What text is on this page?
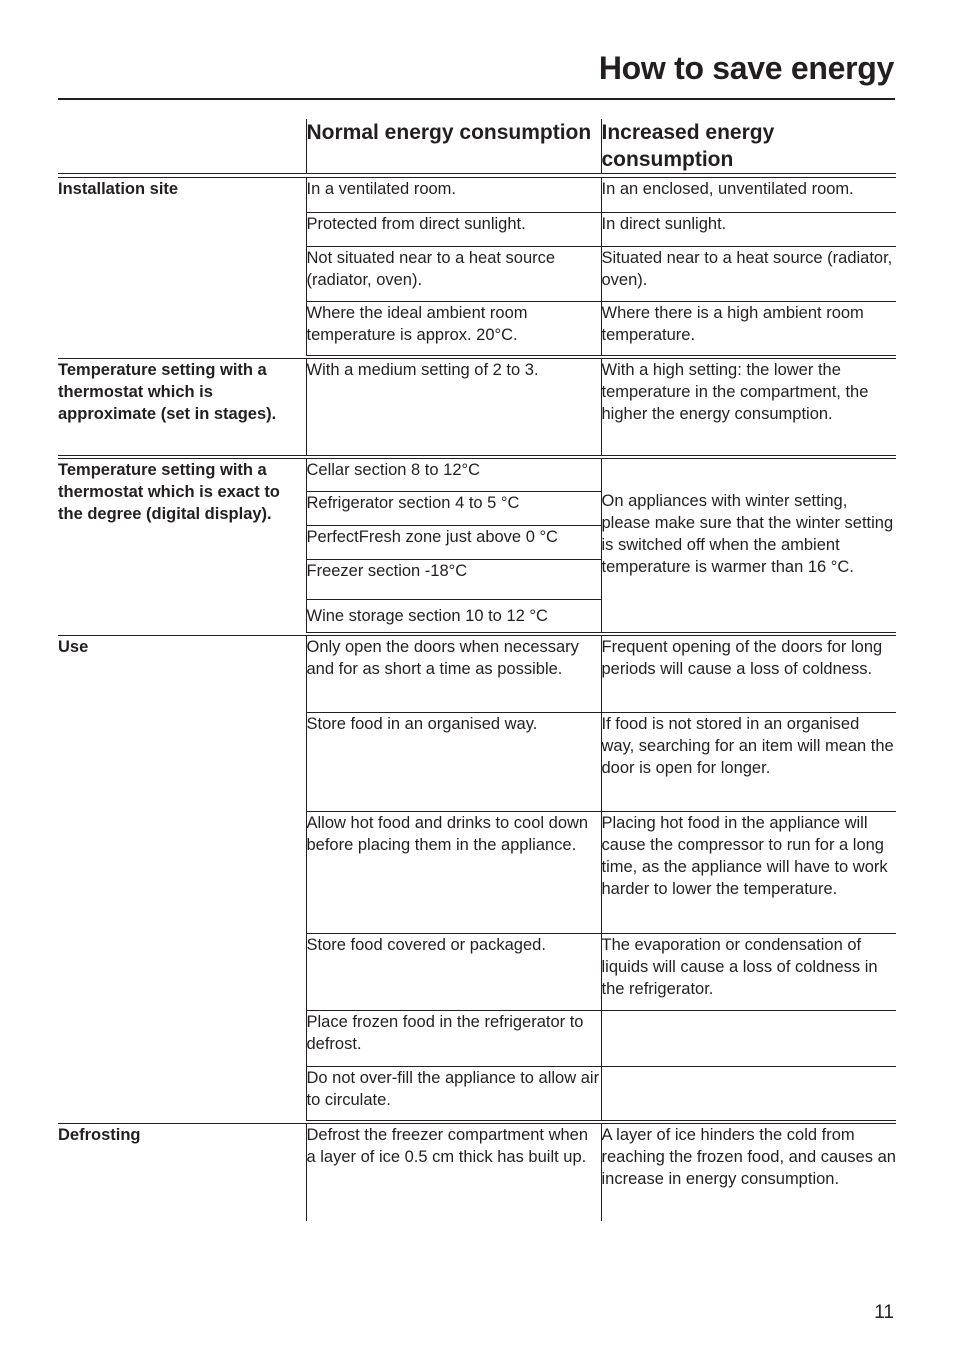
How to save energy
	Normal energy consumption	Increased energy consumption

Installation site	In a ventilated room.	In an enclosed, unventilated room.
	Protected from direct sunlight.	In direct sunlight.
	Not situated near to a heat source (radiator, oven).	Situated near to a heat source (radiator, oven).
	Where the ideal ambient room temperature is approx. 20°C.	Where there is a high ambient room temperature.

Temperature setting with a thermostat which is approximate (set in stages).	With a medium setting of 2 to 3.	With a high setting: the lower the temperature in the compartment, the higher the energy consumption.

Temperature setting with a thermostat which is exact to the degree (digital display).	Cellar section 8 to 12°C	On appliances with winter setting, please make sure that the winter setting is switched off when the ambient temperature is warmer than 16 °C.
	Refrigerator section 4 to 5 °C	
	PerfectFresh zone just above 0 °C	
	Freezer section -18°C	
	Wine storage section 10 to 12 °C	

Use	Only open the doors when necessary and for as short a time as possible.	Frequent opening of the doors for long periods will cause a loss of coldness.
	Store food in an organised way.	If food is not stored in an organised way, searching for an item will mean the door is open for longer.
	Allow hot food and drinks to cool down before placing them in the appliance.	Placing hot food in the appliance will cause the compressor to run for a long time, as the appliance will have to work harder to lower the temperature.
	Store food covered or packaged.	The evaporation or condensation of liquids will cause a loss of coldness in the refrigerator.
	Place frozen food in the refrigerator to defrost.	
	Do not over-fill the appliance to allow air to circulate.	

Defrosting	Defrost the freezer compartment when a layer of ice 0.5 cm thick has built up.	A layer of ice hinders the cold from reaching the frozen food, and causes an increase in energy consumption.
11
